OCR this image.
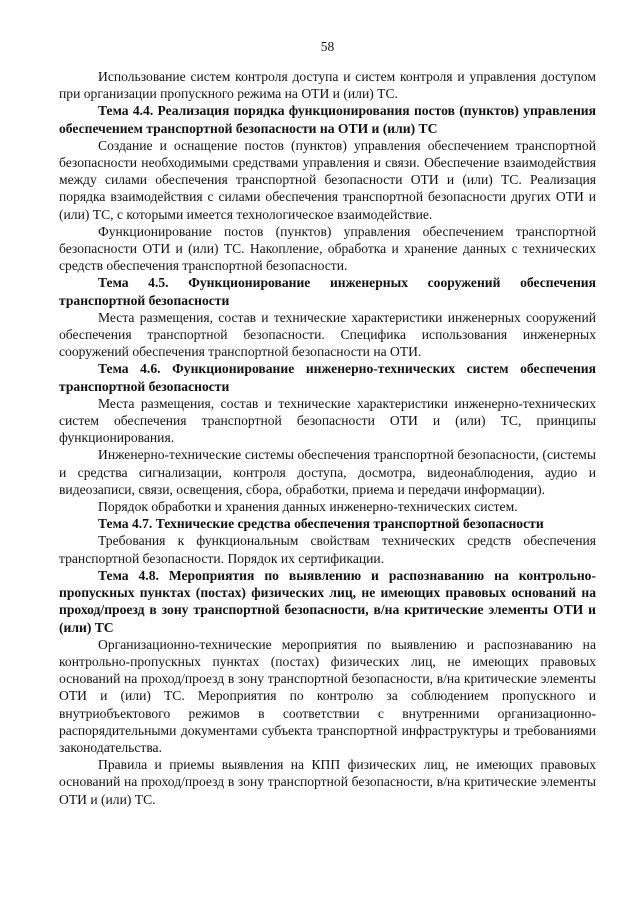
58

Использование систем контроля доступа и систем контроля и управления доступом при организации пропускного режима на ОТИ и (или) ТС.

Тема 4.4. Реализация порядка функционирования постов (пунктов) управления обеспечением транспортной безопасности на ОТИ и (или) ТС

Создание и оснащение постов (пунктов) управления обеспечением транспортной безопасности необходимыми средствами управления и связи. Обеспечение взаимодействия между силами обеспечения транспортной безопасности ОТИ и (или) ТС. Реализация порядка взаимодействия с силами обеспечения транспортной безопасности других ОТИ и (или) ТС, с которыми имеется технологическое взаимодействие.

Функционирование постов (пунктов) управления обеспечением транспортной безопасности ОТИ и (или) ТС. Накопление, обработка и хранение данных с техническиx средств обеспечения транспортной безопасности.

Тема 4.5. Функционирование инженерных сооружений обеспечения транспортной безопасности

Места размещения, состав и технические характеристики инженерных сооружений обеспечения транспортной безопасности. Специфика использования инженерных сооружений обеспечения транспортной безопасности на ОТИ.

Тема 4.6. Функционирование инженерно-технических систем обеспечения транспортной безопасности

Места размещения, состав и технические характеристики инженерно-технических систем обеспечения транспортной безопасности ОТИ и (или) ТС, принципы функционирования.

Инженерно-технические системы обеспечения транспортной безопасности, (системы и средства сигнализации, контроля доступа, досмотра, видеонаблюдения, аудио и видеозаписи, связи, освещения, сбора, обработки, приема и передачи информации).

Порядок обработки и хранения данных инженерно-технических систем.

Тема 4.7. Технические средства обеспечения транспортной безопасности

Требования к функциональным свойствам технических средств обеспечения транспортной безопасности. Порядок их сертификации.

Тема 4.8. Мероприятия по выявлению и распознаванию на контрольно-пропускных пунктах (постах) физических лиц, не имеющих правовых оснований на проход/проезд в зону транспортной безопасности, в/на критические элементы ОТИ и (или) ТС

Организационно-технические мероприятия по выявлению и распознаванию на контрольно-пропускных пунктах (постах) физических лиц, не имеющих правовых оснований на проход/проезд в зону транспортной безопасности, в/на критические элементы ОТИ и (или) ТС. Мероприятия по контролю за соблюдением пропускного и внутриобъектового режимов в соответствии с внутренними организационно-распорядительными документами субъекта транспортной инфраструктуры и требованиями законодательства.

Правила и приемы выявления на КПП физических лиц, не имеющих правовых оснований на проход/проезд в зону транспортной безопасности, в/на критические элементы ОТИ и (или) ТС.
